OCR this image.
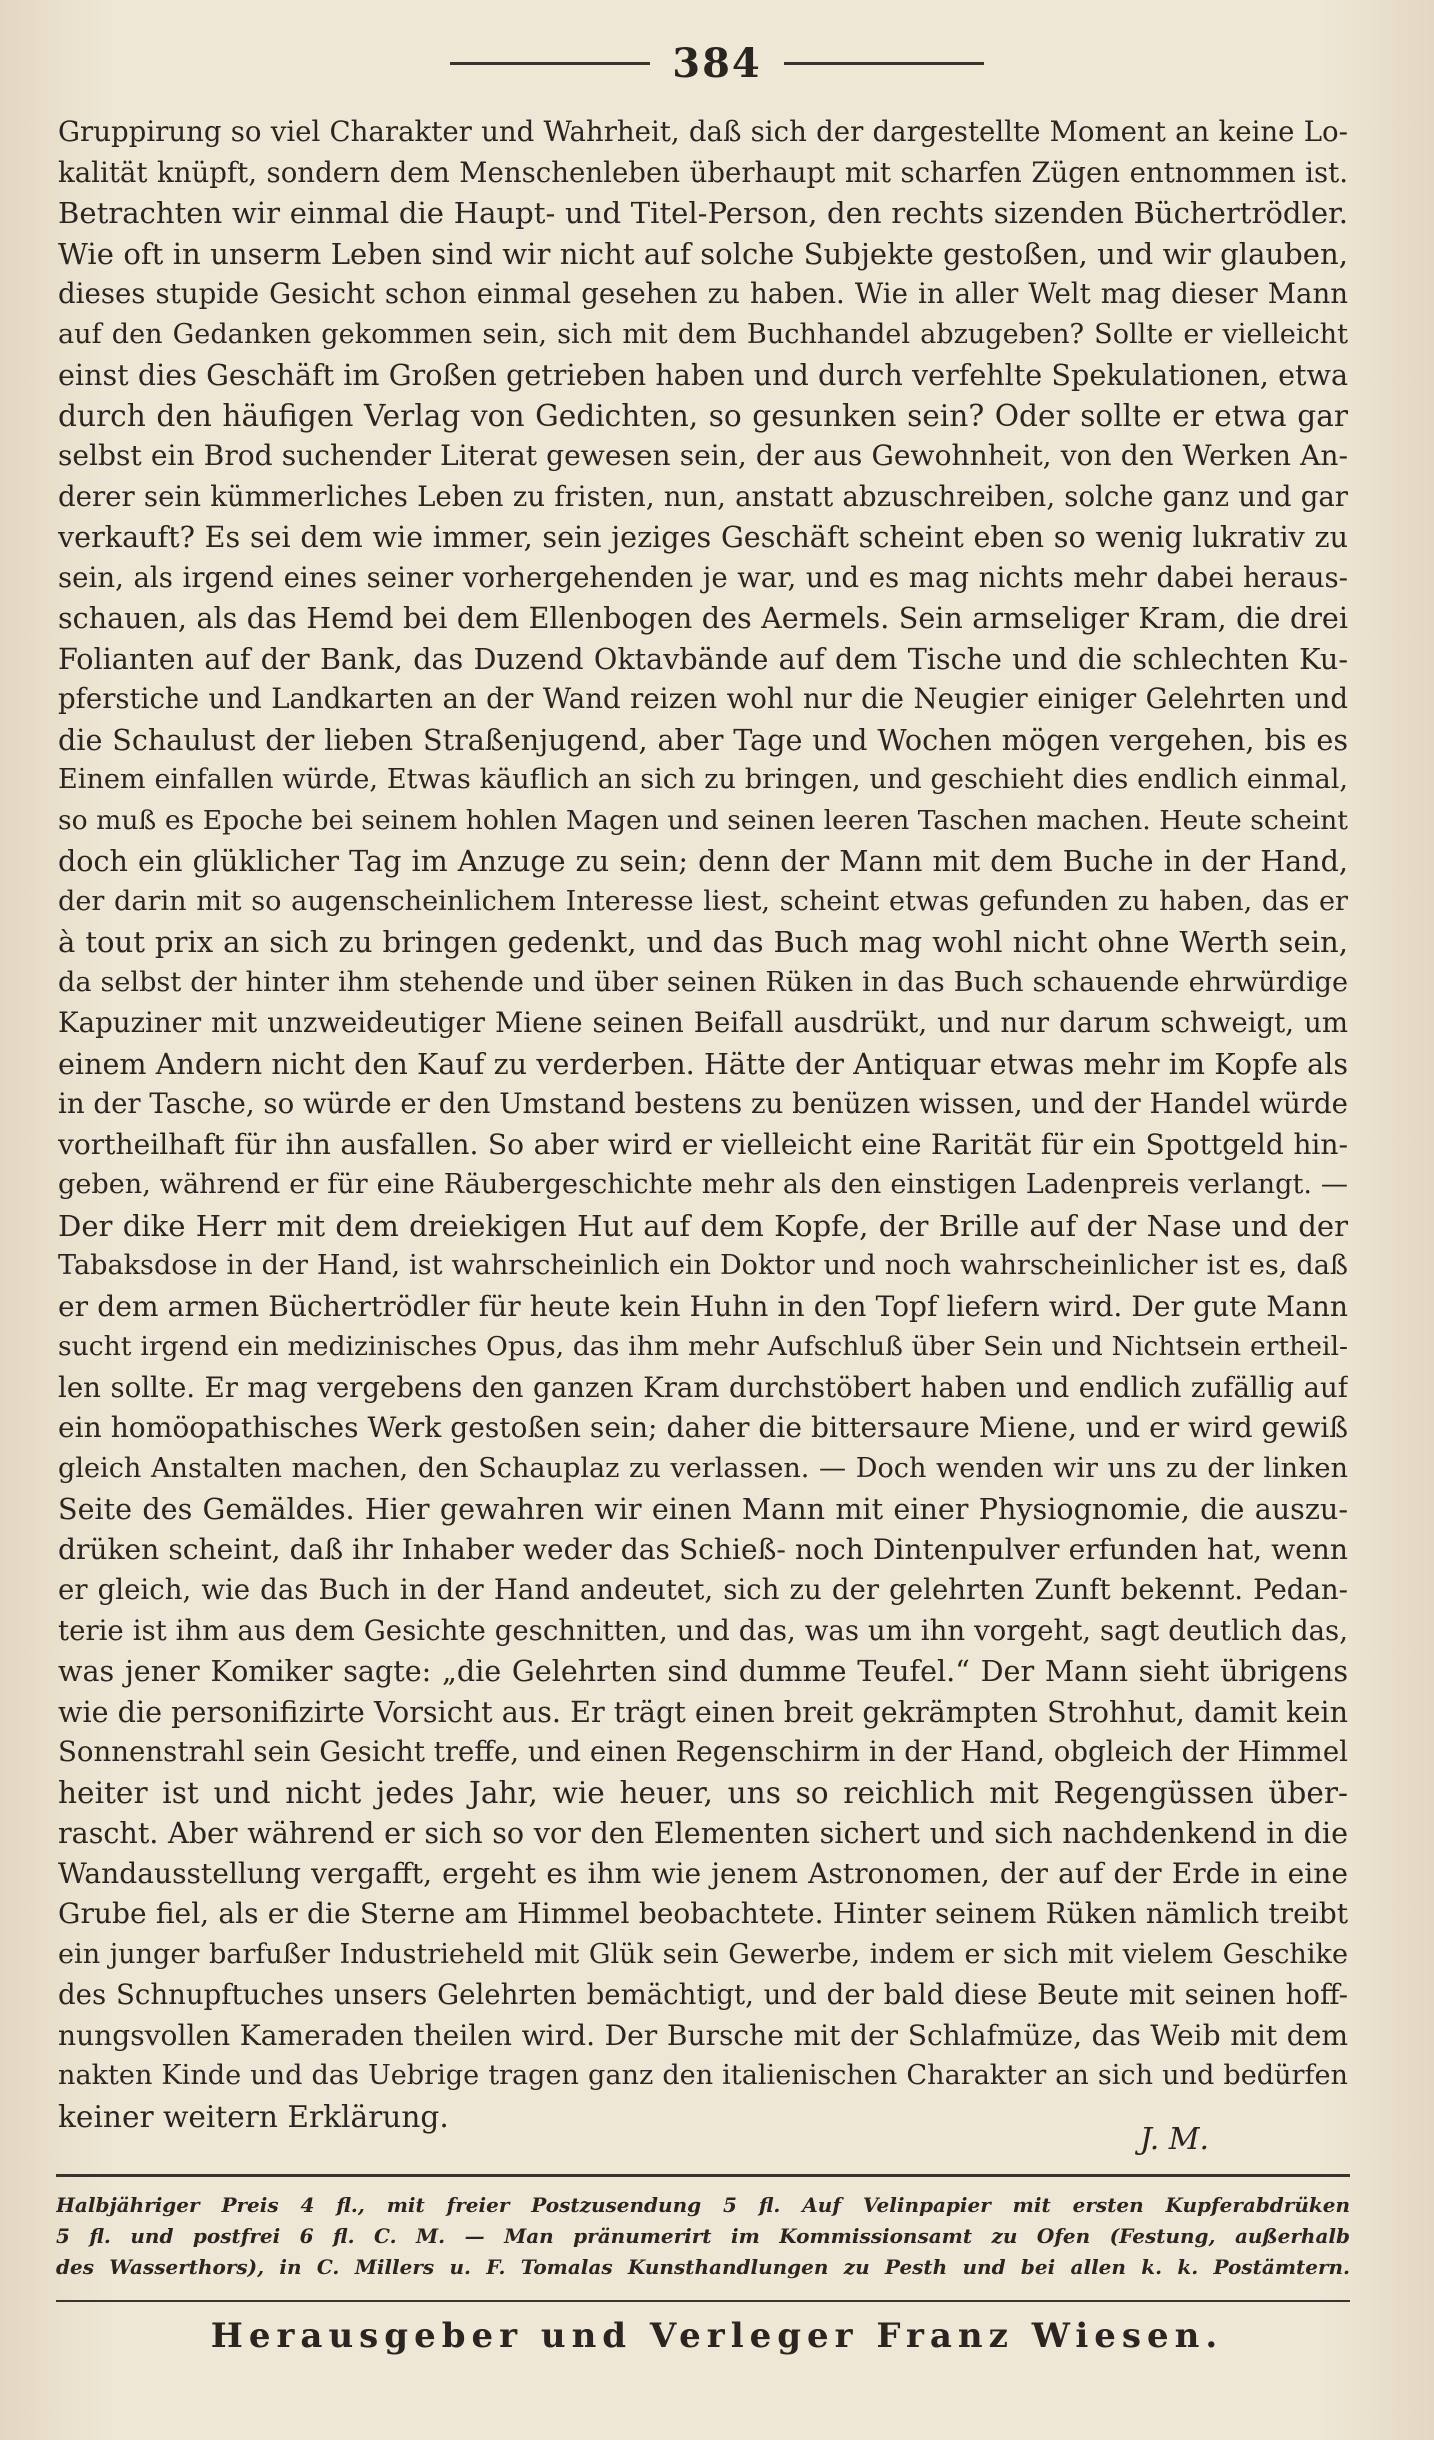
384
Gruppirung so viel Charakter und Wahrheit, daß sich der dargestellte Moment an keine Lo-
kalität knüpft, sondern dem Menschenleben überhaupt mit scharfen Zügen entnommen ist.
Betrachten wir einmal die Haupt- und Titel-Person, den rechts sizenden Büchertrödler.
Wie oft in unserm Leben sind wir nicht auf solche Subjekte gestoßen, und wir glauben,
dieses stupide Gesicht schon einmal gesehen zu haben. Wie in aller Welt mag dieser Mann
auf den Gedanken gekommen sein, sich mit dem Buchhandel abzugeben? Sollte er vielleicht
einst dies Geschäft im Großen getrieben haben und durch verfehlte Spekulationen, etwa
durch den häufigen Verlag von Gedichten, so gesunken sein? Oder sollte er etwa gar
selbst ein Brod suchender Literat gewesen sein, der aus Gewohnheit, von den Werken An-
derer sein kümmerliches Leben zu fristen, nun, anstatt abzuschreiben, solche ganz und gar
verkauft? Es sei dem wie immer, sein jeziges Geschäft scheint eben so wenig lukrativ zu
sein, als irgend eines seiner vorhergehenden je war, und es mag nichts mehr dabei heraus-
schauen, als das Hemd bei dem Ellenbogen des Aermels. Sein armseliger Kram, die drei
Folianten auf der Bank, das Duzend Oktavbände auf dem Tische und die schlechten Ku-
pferstiche und Landkarten an der Wand reizen wohl nur die Neugier einiger Gelehrten und
die Schaulust der lieben Straßenjugend, aber Tage und Wochen mögen vergehen, bis es
Einem einfallen würde, Etwas käuflich an sich zu bringen, und geschieht dies endlich einmal,
so muß es Epoche bei seinem hohlen Magen und seinen leeren Taschen machen. Heute scheint
doch ein glüklicher Tag im Anzuge zu sein; denn der Mann mit dem Buche in der Hand,
der darin mit so augenscheinlichem Interesse liest, scheint etwas gefunden zu haben, das er
à tout prix an sich zu bringen gedenkt, und das Buch mag wohl nicht ohne Werth sein,
da selbst der hinter ihm stehende und über seinen Rüken in das Buch schauende ehrwürdige
Kapuziner mit unzweideutiger Miene seinen Beifall ausdrükt, und nur darum schweigt, um
einem Andern nicht den Kauf zu verderben. Hätte der Antiquar etwas mehr im Kopfe als
in der Tasche, so würde er den Umstand bestens zu benüzen wissen, und der Handel würde
vortheilhaft für ihn ausfallen. So aber wird er vielleicht eine Rarität für ein Spottgeld hin-
geben, während er für eine Räubergeschichte mehr als den einstigen Ladenpreis verlangt. —
Der dike Herr mit dem dreiekigen Hut auf dem Kopfe, der Brille auf der Nase und der
Tabaksdose in der Hand, ist wahrscheinlich ein Doktor und noch wahrscheinlicher ist es, daß
er dem armen Büchertrödler für heute kein Huhn in den Topf liefern wird. Der gute Mann
sucht irgend ein medizinisches Opus, das ihm mehr Aufschluß über Sein und Nichtsein ertheil-
len sollte. Er mag vergebens den ganzen Kram durchstöbert haben und endlich zufällig auf
ein homöopathisches Werk gestoßen sein; daher die bittersaure Miene, und er wird gewiß
gleich Anstalten machen, den Schauplaz zu verlassen. — Doch wenden wir uns zu der linken
Seite des Gemäldes. Hier gewahren wir einen Mann mit einer Physiognomie, die auszu-
drüken scheint, daß ihr Inhaber weder das Schieß- noch Dintenpulver erfunden hat, wenn
er gleich, wie das Buch in der Hand andeutet, sich zu der gelehrten Zunft bekennt. Pedan-
terie ist ihm aus dem Gesichte geschnitten, und das, was um ihn vorgeht, sagt deutlich das,
was jener Komiker sagte: „die Gelehrten sind dumme Teufel.“ Der Mann sieht übrigens
wie die personifizirte Vorsicht aus. Er trägt einen breit gekrämpten Strohhut, damit kein
Sonnenstrahl sein Gesicht treffe, und einen Regenschirm in der Hand, obgleich der Himmel
heiter ist und nicht jedes Jahr, wie heuer, uns so reichlich mit Regengüssen über-
rascht. Aber während er sich so vor den Elementen sichert und sich nachdenkend in die
Wandausstellung vergafft, ergeht es ihm wie jenem Astronomen, der auf der Erde in eine
Grube fiel, als er die Sterne am Himmel beobachtete. Hinter seinem Rüken nämlich treibt
ein junger barfußer Industrieheld mit Glük sein Gewerbe, indem er sich mit vielem Geschike
des Schnupftuches unsers Gelehrten bemächtigt, und der bald diese Beute mit seinen hoff-
nungsvollen Kameraden theilen wird. Der Bursche mit der Schlafmüze, das Weib mit dem
nakten Kinde und das Uebrige tragen ganz den italienischen Charakter an sich und bedürfen
keiner weitern Erklärung.
J. M.
Halbjähriger Preis 4 fl., mit freier Postzusendung 5 fl. Auf Velinpapier mit ersten Kupferabdrüken
5 fl. und postfrei 6 fl. C. M. — Man pränumerirt im Kommissionsamt zu Ofen (Festung, außerhalb
des Wasserthors), in C. Millers u. F. Tomalas Kunsthandlungen zu Pesth und bei allen k. k. Postämtern.
Herausgeber und Verleger Franz Wiesen.
